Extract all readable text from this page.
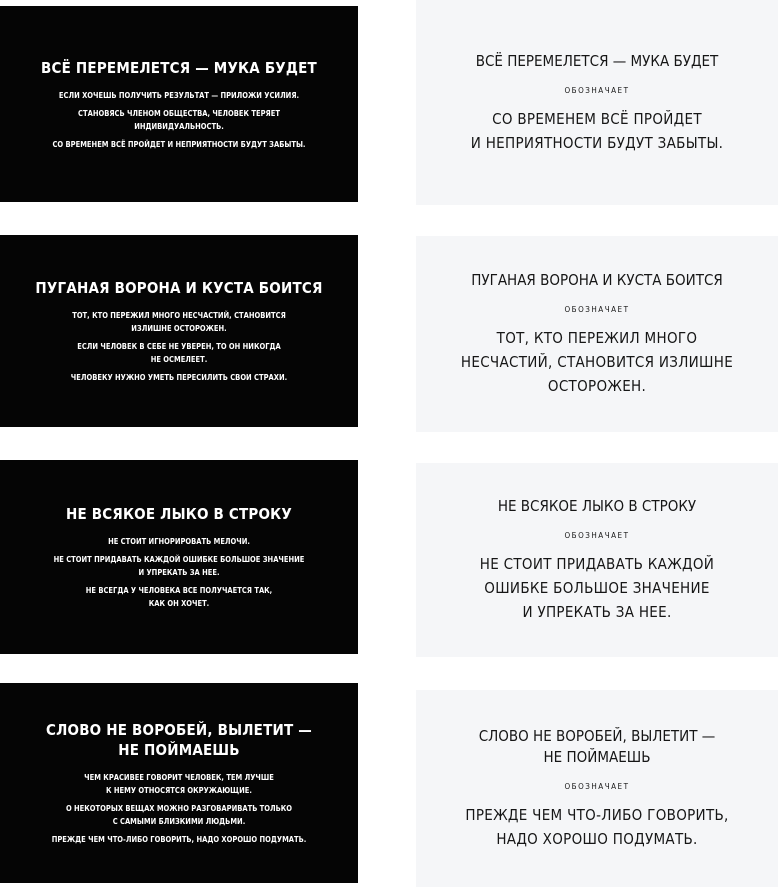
ВСЁ ПЕРЕМЕЛЕТСЯ — МУКА БУДЕТ
ЕСЛИ ХОЧЕШЬ ПОЛУЧИТЬ РЕЗУЛЬТАТ — ПРИЛОЖИ УСИЛИЯ.
СТАНОВЯСЬ ЧЛЕНОМ ОБЩЕСТВА, ЧЕЛОВЕК ТЕРЯЕТ
ИНДИВИДУАЛЬНОСТЬ.
СО ВРЕМЕНЕМ ВСЁ ПРОЙДЕТ И НЕПРИЯТНОСТИ БУДУТ ЗАБЫТЫ.
ВСЁ ПЕРЕМЕЛЕТСЯ — МУКА БУДЕТ
ОБОЗНАЧАЕТ
СО ВРЕМЕНЕМ ВСЁ ПРОЙДЕТ
И НЕПРИЯТНОСТИ БУДУТ ЗАБЫТЫ.
ПУГАНАЯ ВОРОНА И КУСТА БОИТСЯ
ТОТ, КТО ПЕРЕЖИЛ МНОГО НЕСЧАСТИЙ, СТАНОВИТСЯ
ИЗЛИШНЕ ОСТОРОЖЕН.
ЕСЛИ ЧЕЛОВЕК В СЕБЕ НЕ УВЕРЕН, ТО ОН НИКОГДА
НЕ ОСМЕЛЕЕТ.
ЧЕЛОВЕКУ НУЖНО УМЕТЬ ПЕРЕСИЛИТЬ СВОИ СТРАХИ.
ПУГАНАЯ ВОРОНА И КУСТА БОИТСЯ
ОБОЗНАЧАЕТ
ТОТ, КТО ПЕРЕЖИЛ МНОГО
НЕСЧАСТИЙ, СТАНОВИТСЯ ИЗЛИШНЕ
ОСТОРОЖЕН.
НЕ ВСЯКОЕ ЛЫКО В СТРОКУ
НЕ СТОИТ ИГНОРИРОВАТЬ МЕЛОЧИ.
НЕ СТОИТ ПРИДАВАТЬ КАЖДОЙ ОШИБКЕ БОЛЬШОЕ ЗНАЧЕНИЕ
И УПРЕКАТЬ ЗА НЕЕ.
НЕ ВСЕГДА У ЧЕЛОВЕКА ВСЕ ПОЛУЧАЕТСЯ ТАК,
КАК ОН ХОЧЕТ.
НЕ ВСЯКОЕ ЛЫКО В СТРОКУ
ОБОЗНАЧАЕТ
НЕ СТОИТ ПРИДАВАТЬ КАЖДОЙ
ОШИБКЕ БОЛЬШОЕ ЗНАЧЕНИЕ
И УПРЕКАТЬ ЗА НЕЕ.
СЛОВО НЕ ВОРОБЕЙ, ВЫЛЕТИТ —
НЕ ПОЙМАЕШЬ
ЧЕМ КРАСИВЕЕ ГОВОРИТ ЧЕЛОВЕК, ТЕМ ЛУЧШЕ
К НЕМУ ОТНОСЯТСЯ ОКРУЖАЮЩИЕ.
О НЕКОТОРЫХ ВЕЩАХ МОЖНО РАЗГОВАРИВАТЬ ТОЛЬКО
С САМЫМИ БЛИЗКИМИ ЛЮДЬМИ.
ПРЕЖДЕ ЧЕМ ЧТО-ЛИБО ГОВОРИТЬ, НАДО ХОРОШО ПОДУМАТЬ.
СЛОВО НЕ ВОРОБЕЙ, ВЫЛЕТИТ —
НЕ ПОЙМАЕШЬ
ОБОЗНАЧАЕТ
ПРЕЖДЕ ЧЕМ ЧТО-ЛИБО ГОВОРИТЬ,
НАДО ХОРОШО ПОДУМАТЬ.
